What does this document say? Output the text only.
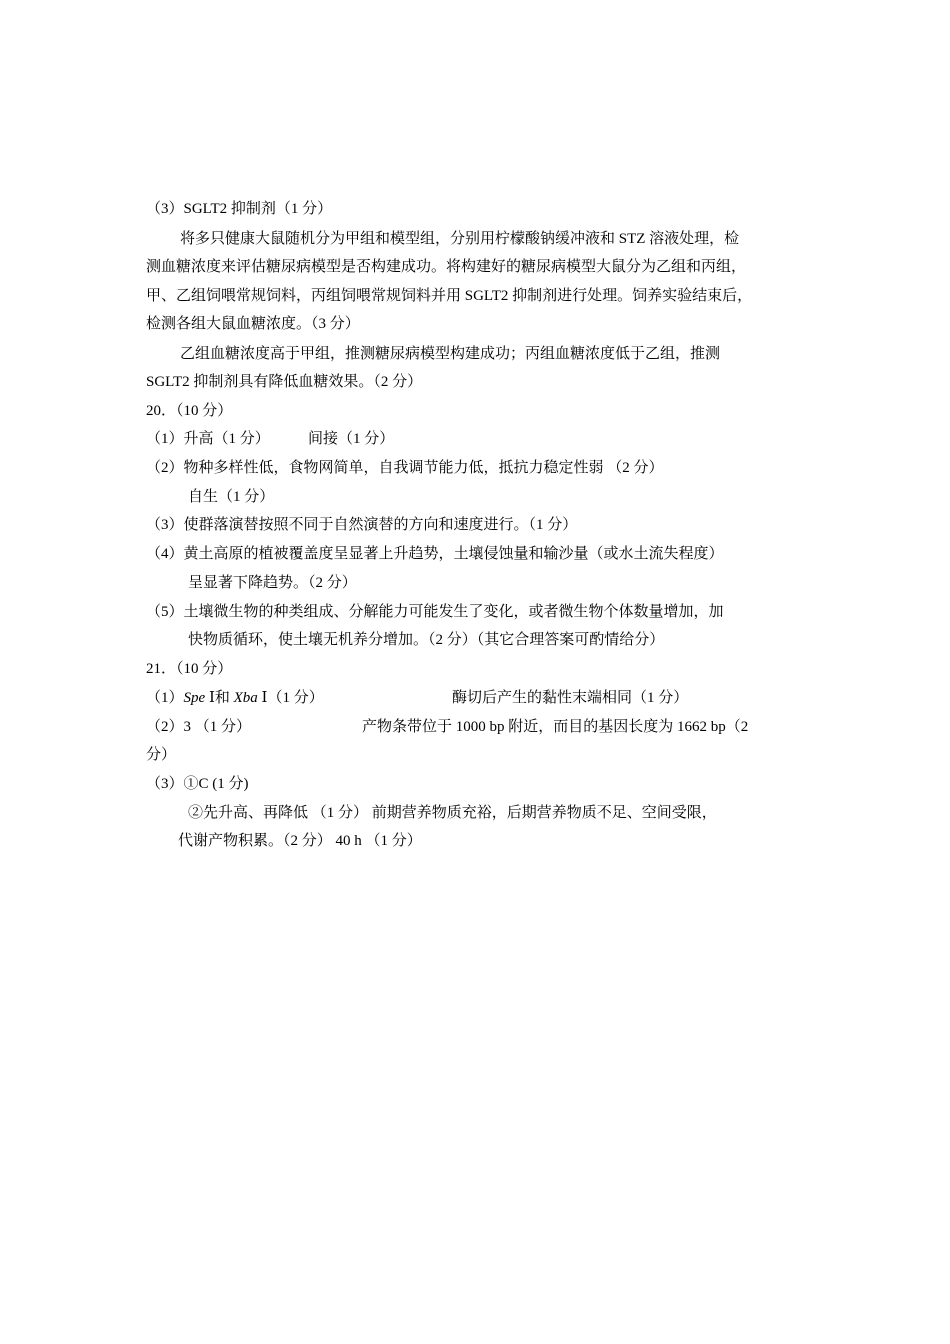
（3）SGLT2 抑制剂（1 分）
将多只健康大鼠随机分为甲组和模型组，分别用柠檬酸钠缓冲液和 STZ 溶液处理，检
测血糖浓度来评估糖尿病模型是否构建成功。将构建好的糖尿病模型大鼠分为乙组和丙组，
甲、乙组饲喂常规饲料，丙组饲喂常规饲料并用 SGLT2 抑制剂进行处理。饲养实验结束后，
检测各组大鼠血糖浓度。（3 分）
乙组血糖浓度高于甲组，推测糖尿病模型构建成功；丙组血糖浓度低于乙组，推测
SGLT2 抑制剂具有降低血糖效果。（2 分）
20．（10 分）
（1）升高（1 分）	间接（1 分）
（2）物种多样性低，食物网简单，自我调节能力低，抵抗力稳定性弱 （2 分）
自生（1 分）
（3）使群落演替按照不同于自然演替的方向和速度进行。（1 分）
（4）黄土高原的植被覆盖度呈显著上升趋势，土壤侵蚀量和输沙量（或水土流失程度）
呈显著下降趋势。（2 分）
（5）土壤微生物的种类组成、分解能力可能发生了变化，或者微生物个体数量增加，加
快物质循环，使土壤无机养分增加。（2 分）（其它合理答案可酌情给分）
21．（10 分）
（1）Spe Ⅰ和 Xba Ⅰ（1 分）	酶切后产生的黏性末端相同（1 分）
（2）3 （1 分）	产物条带位于 1000 bp 附近，而目的基因长度为 1662 bp（2
分）
（3）①C (1 分)
②先升高、再降低 （1 分） 前期营养物质充裕，后期营养物质不足、空间受限，
代谢产物积累。（2 分） 40 h （1 分）
